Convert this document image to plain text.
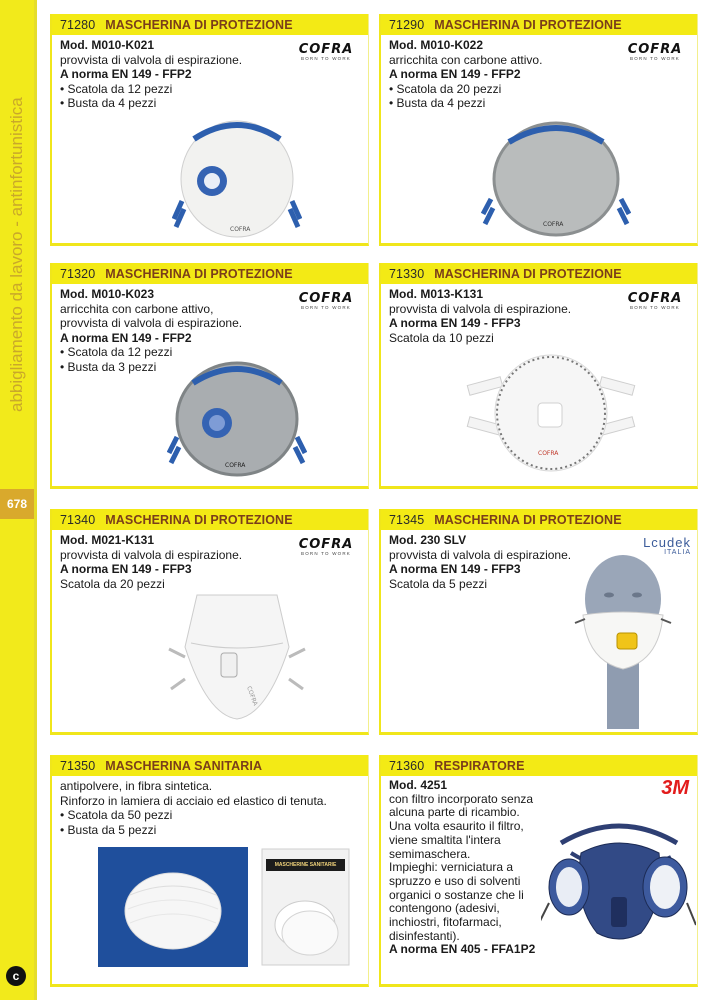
abbigliamento da lavoro - antinfortunistica
678
c
71280 MASCHERINA DI PROTEZIONE
Mod. M010-K021
provvista di valvola di espirazione.
A norma EN 149 - FFP2
• Scatola da 12 pezzi
• Busta da 4 pezzi
COFRA
BORN TO WORK
COFRA
71290 MASCHERINA DI PROTEZIONE
Mod. M010-K022
arricchita con carbone attivo.
A norma EN 149 - FFP2
• Scatola da 20 pezzi
• Busta da 4 pezzi
COFRA
BORN TO WORK
COFRA
71320 MASCHERINA DI PROTEZIONE
Mod. M010-K023
arricchita con carbone attivo,
provvista di valvola di espirazione.
A norma EN 149 - FFP2
• Scatola da 12 pezzi
• Busta da 3 pezzi
COFRA
BORN TO WORK
COFRA
71330 MASCHERINA DI PROTEZIONE
Mod. M013-K131
provvista di valvola di espirazione.
A norma EN 149 - FFP3
Scatola da 10 pezzi
COFRA
BORN TO WORK
COFRA
71340 MASCHERINA DI PROTEZIONE
Mod. M021-K131
provvista di valvola di espirazione.
A norma EN 149 - FFP3
Scatola da 20 pezzi
COFRA
BORN TO WORK
COFRA
71345 MASCHERINA DI PROTEZIONE
Mod. 230 SLV
provvista di valvola di espirazione.
A norma EN 149 - FFP3
Scatola da 5 pezzi
Lcudek
ITALIA
71350 MASCHERINA SANITARIA
antipolvere, in fibra sintetica.
Rinforzo in lamiera di acciaio ed elastico di tenuta.
• Scatola da 50 pezzi
• Busta da 5 pezzi
MASCHERINE SANITARIE
71360 RESPIRATORE
Mod. 4251
con filtro incorporato senza
alcuna parte di ricambio.
Una volta esaurito il filtro,
viene smaltita l'intera
semimaschera.
Impieghi: verniciatura a
spruzzo e uso di solventi
organici o sostanze che li
contengono (adesivi,
inchiostri, fitofarmaci,
disinfestanti).
A norma EN 405 - FFA1P2
3M
